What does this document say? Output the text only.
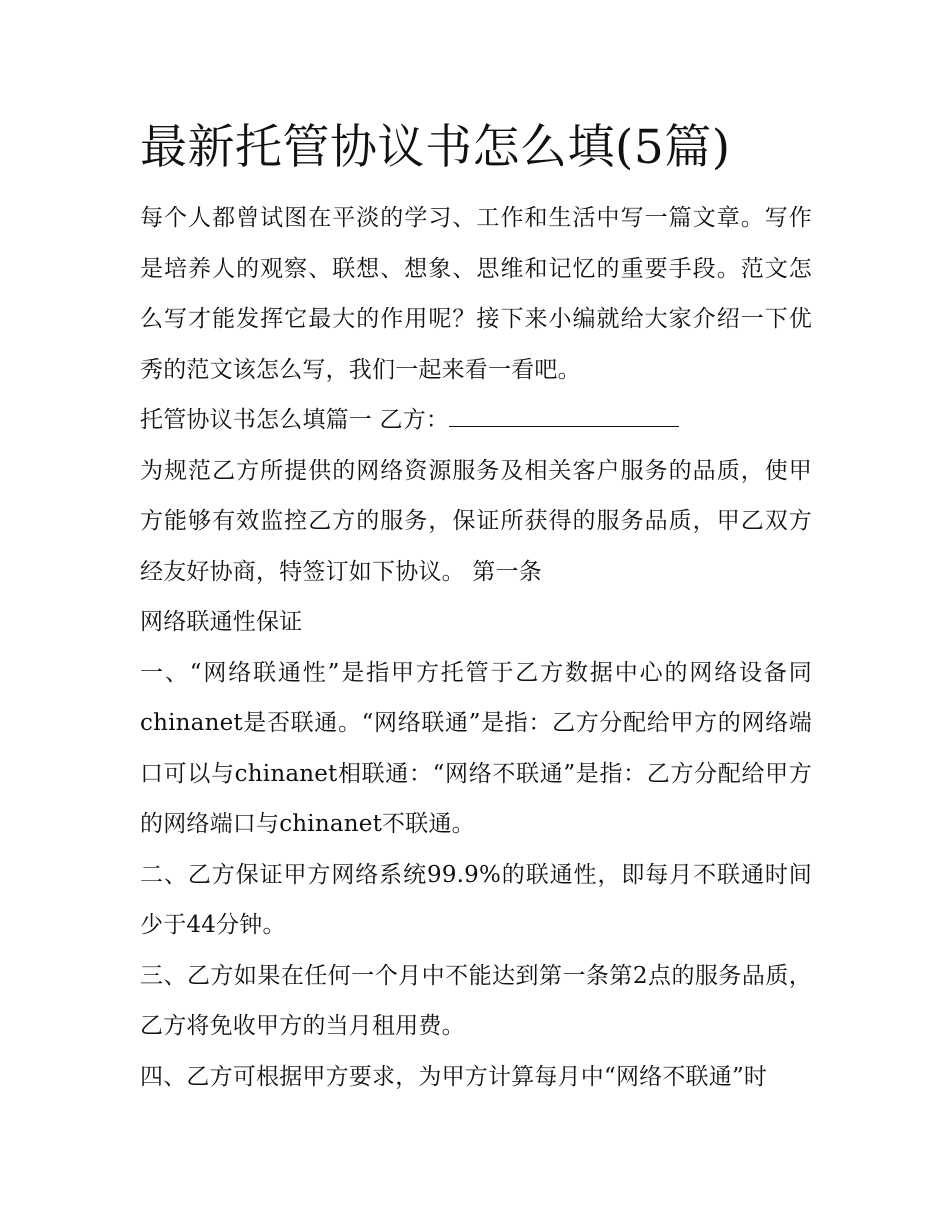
最新托管协议书怎么填(5篇)

每个人都曾试图在平淡的学习、工作和生活中写一篇文章。写作是培养人的观察、联想、想象、思维和记忆的重要手段。范文怎么写才能发挥它最大的作用呢？接下来小编就给大家介绍一下优秀的范文该怎么写，我们一起来看一看吧。

托管协议书怎么填篇一 乙方：

为规范乙方所提供的网络资源服务及相关客户服务的品质，使甲方能够有效监控乙方的服务，保证所获得的服务品质，甲乙双方经友好协商，特签订如下协议。 第一条

网络联通性保证

一、“网络联通性”是指甲方托管于乙方数据中心的网络设备同chinanet是否联通。“网络联通”是指：乙方分配给甲方的网络端口可以与chinanet相联通：“网络不联通”是指：乙方分配给甲方的网络端口与chinanet不联通。

二、乙方保证甲方网络系统99.9%的联通性，即每月不联通时间少于44分钟。

三、乙方如果在任何一个月中不能达到第一条第2点的服务品质，乙方将免收甲方的当月租用费。

四、乙方可根据甲方要求，为甲方计算每月中“网络不联通”时
